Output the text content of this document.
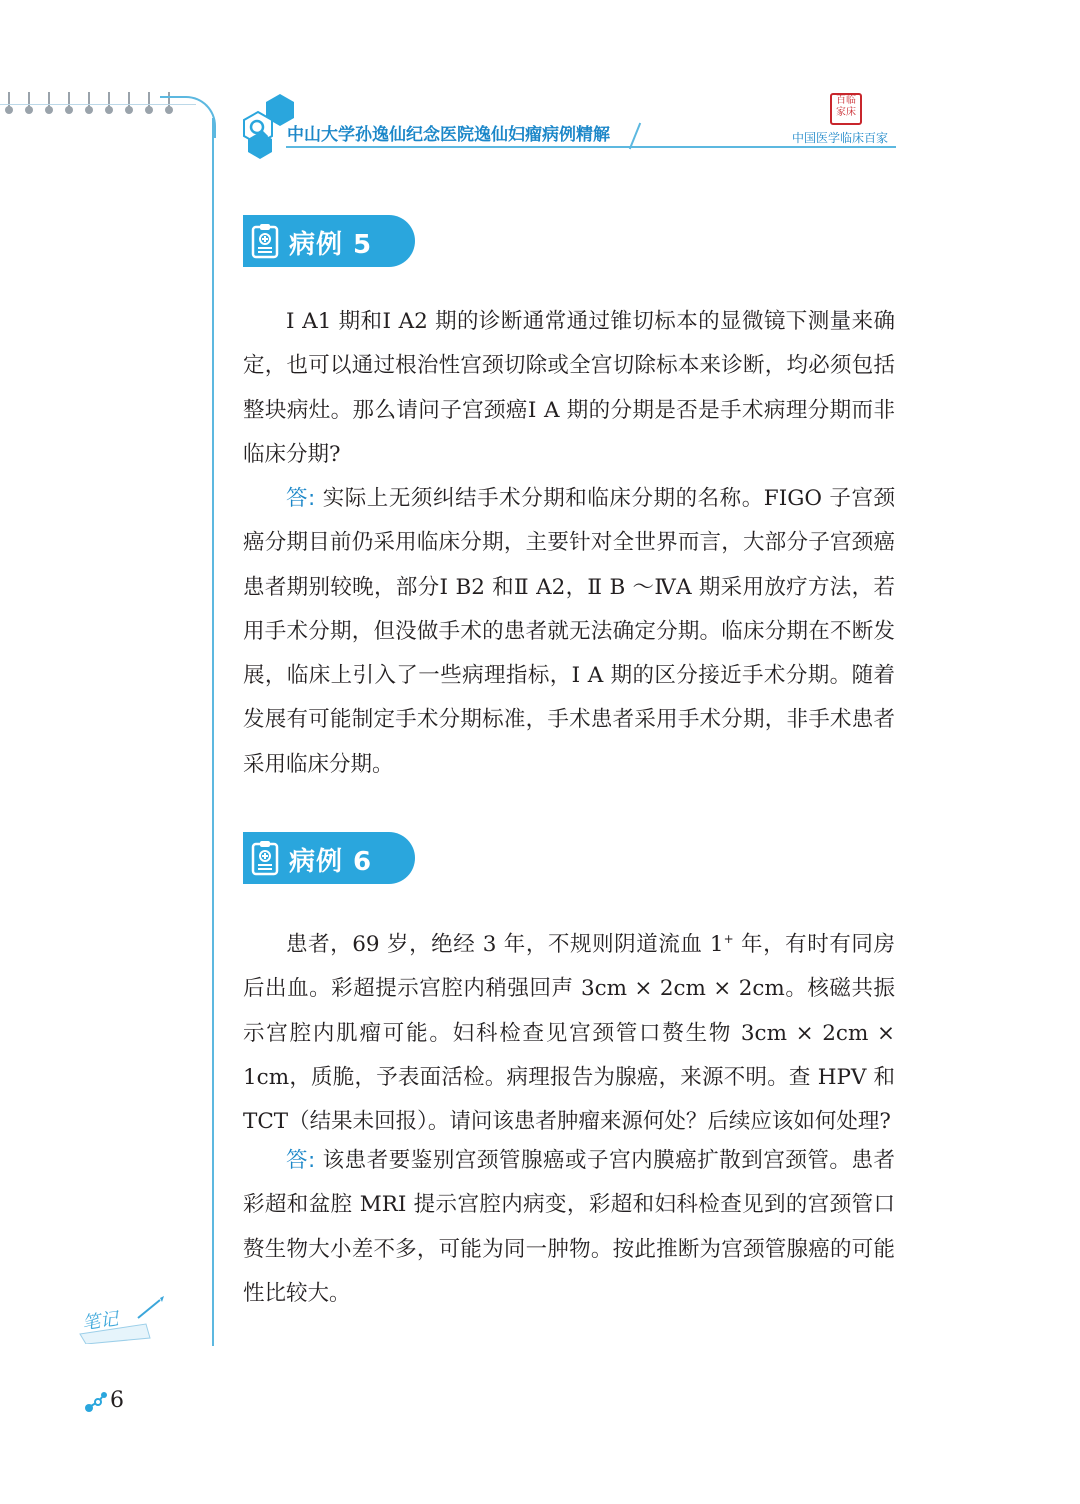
中山大学孙逸仙纪念医院逸仙妇瘤病例精解
百临
家床
中国医学临床百家
病例 5

Ⅰ A1 期和Ⅰ A2 期的诊断通常通过锥切标本的显微镜下测量来确定，也可以通过根治性宫颈切除或全宫切除标本来诊断，均必须包括整块病灶。那么请问子宫颈癌Ⅰ A 期的分期是否是手术病理分期而非临床分期?

答: 实际上无须纠结手术分期和临床分期的名称。FIGO 子宫颈癌分期目前仍采用临床分期，主要针对全世界而言，大部分子宫颈癌患者期别较晚，部分Ⅰ B2 和Ⅱ A2，Ⅱ B ～ⅣA 期采用放疗方法，若用手术分期，但没做手术的患者就无法确定分期。临床分期在不断发展，临床上引入了一些病理指标，Ⅰ A 期的区分接近手术分期。随着发展有可能制定手术分期标准，手术患者采用手术分期，非手术患者采用临床分期。

病例 6

患者，69 岁，绝经 3 年，不规则阴道流血 1+ 年，有时有同房后出血。彩超提示宫腔内稍强回声 3cm × 2cm × 2cm。核磁共振示宫腔内肌瘤可能。妇科检查见宫颈管口赘生物 3cm × 2cm × 1cm，质脆，予表面活检。病理报告为腺癌，来源不明。查 HPV 和 TCT（结果未回报）。请问该患者肿瘤来源何处？后续应该如何处理?

答: 该患者要鉴别宫颈管腺癌或子宫内膜癌扩散到宫颈管。患者彩超和盆腔 MRI 提示宫腔内病变，彩超和妇科检查见到的宫颈管口赘生物大小差不多，可能为同一肿物。按此推断为宫颈管腺癌的可能性比较大。

笔记
6
